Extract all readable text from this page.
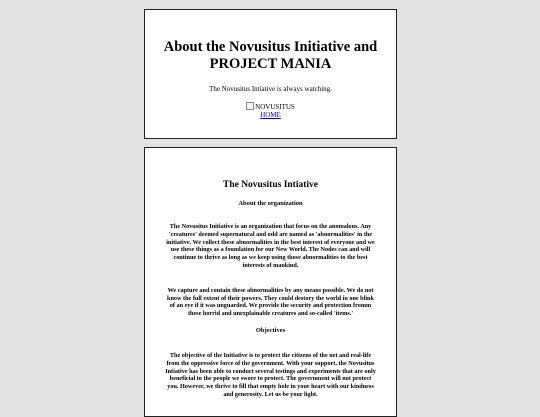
About the Novusitus Initiative and PROJECT MANIA
The Novusitus Intiative is always watching.
NOVUSITUS
HOME
The Novusitus Intiative
About the organization
The Novusitus Initiative is an organization that focus on the anomalous. Any 'creatures' deemed supernatural and odd are named as 'abnormalities' in the initiative. We collect these abnormalities in the best interest of everyone and we use these things as a foundation for our New World. The Nodes can and will continue to thrive as long as we keep using those abnormalities to the best interests of mankind.
We capture and contain these abnormalities by any means possible. We do not know the full extent of their powers. They could destory the world in one blink of an eye if it was unguarded. We provide the security and protection fromm these horrid and unexplainable creatures and so-called 'items.'
Objectives
The objective of the Initiative is to protect the citizens of the net and real-life from the oppressive force of the government. With your support, the Novusitus Intiative has been able to conduct several testings and experiments that are only beneficial to the people we swore to protect. The government will not protect you. However, we thrive to fill that empty hole in your heart with our kindness and generosity. Let us be your light.
